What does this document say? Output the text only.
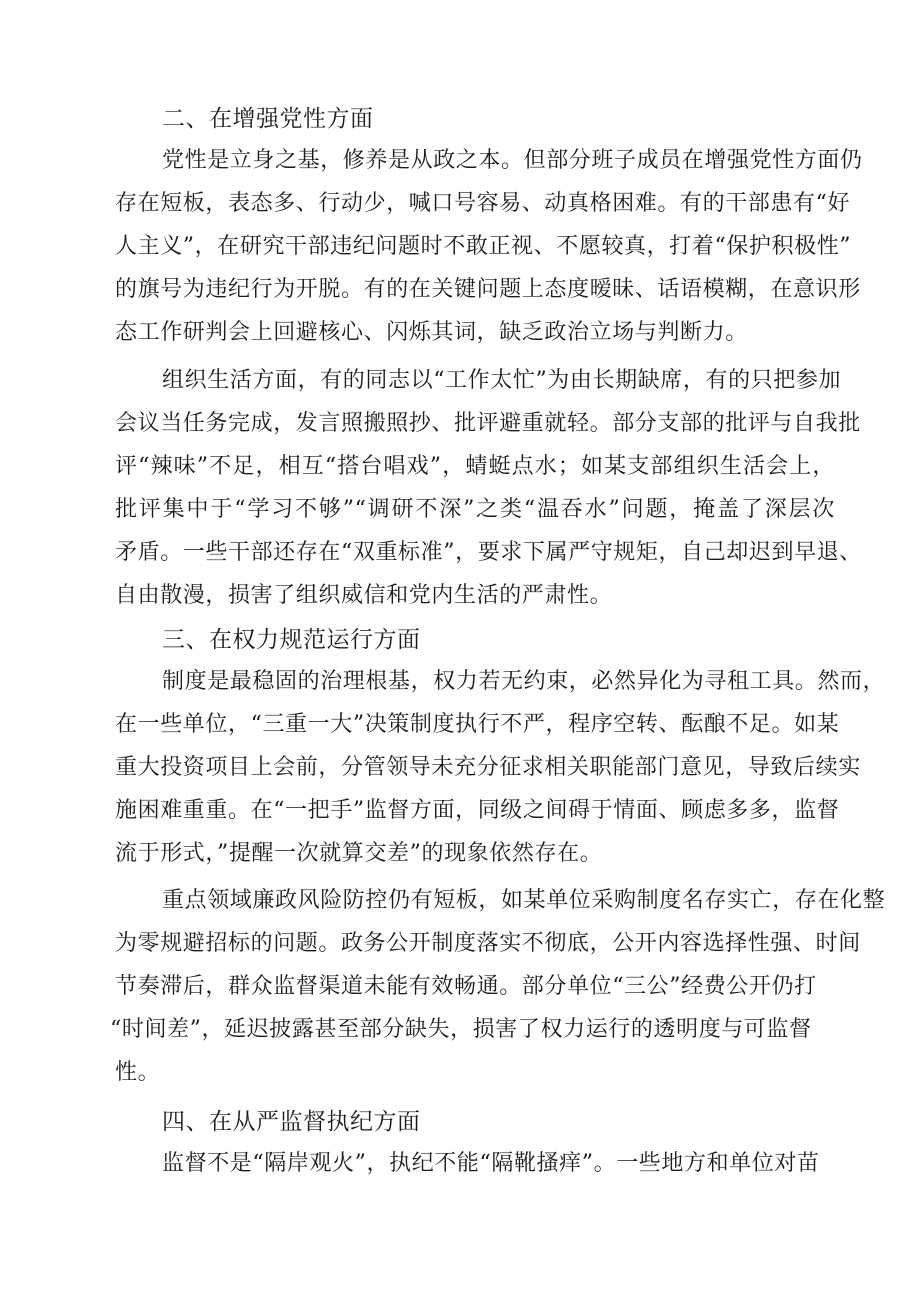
二、在增强党性方面
党性是立身之基，修养是从政之本。但部分班子成员在增强党性方面仍
存在短板，表态多、行动少，喊口号容易、动真格困难。有的干部患有“好
人主义”，在研究干部违纪问题时不敢正视、不愿较真，打着“保护积极性”
的旗号为违纪行为开脱。有的在关键问题上态度暧昧、话语模糊，在意识形
态工作研判会上回避核心、闪烁其词，缺乏政治立场与判断力。
组织生活方面，有的同志以“工作太忙”为由长期缺席，有的只把参加
会议当任务完成，发言照搬照抄、批评避重就轻。部分支部的批评与自我批
评“辣味”不足，相互“搭台唱戏”，蜻蜓点水；如某支部组织生活会上，
批评集中于“学习不够”“调研不深”之类“温吞水”问题，掩盖了深层次
矛盾。一些干部还存在“双重标准”，要求下属严守规矩，自己却迟到早退、
自由散漫，损害了组织威信和党内生活的严肃性。
三、在权力规范运行方面
制度是最稳固的治理根基，权力若无约束，必然异化为寻租工具。然而，
在一些单位，“三重一大”决策制度执行不严，程序空转、酝酿不足。如某
重大投资项目上会前，分管领导未充分征求相关职能部门意见，导致后续实
施困难重重。在“一把手”监督方面，同级之间碍于情面、顾虑多多，监督
流于形式，”提醒一次就算交差”的现象依然存在。
重点领域廉政风险防控仍有短板，如某单位采购制度名存实亡，存在化整
为零规避招标的问题。政务公开制度落实不彻底，公开内容选择性强、时间
节奏滞后，群众监督渠道未能有效畅通。部分单位“三公”经费公开仍打
“时间差”，延迟披露甚至部分缺失，损害了权力运行的透明度与可监督
性。
四、在从严监督执纪方面
监督不是“隔岸观火”，执纪不能“隔靴搔痒”。一些地方和单位对苗
